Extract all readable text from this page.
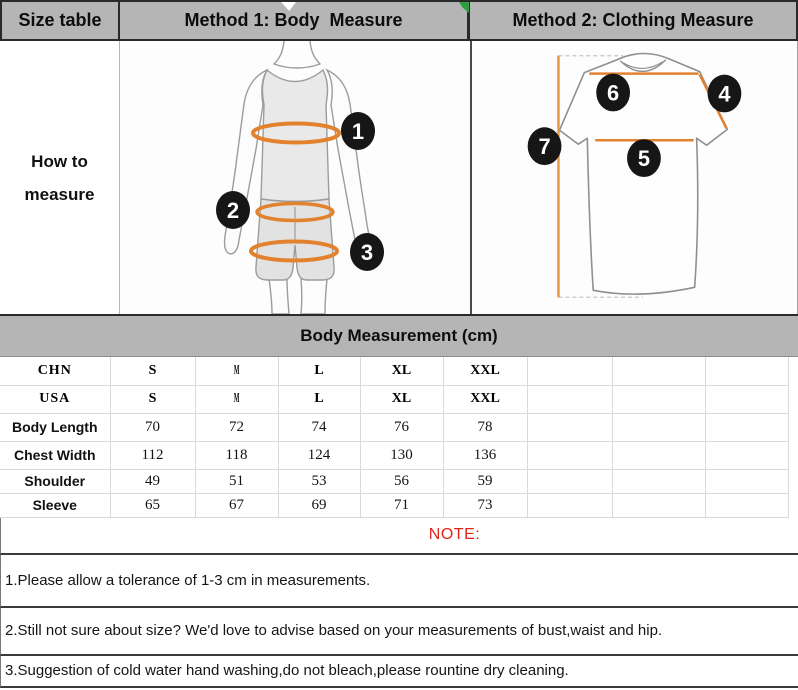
Size table	Method 1: Body  Measure	Method 2: Clothing Measure
How to measure
1
2
3
6	4
7	5
Body Measurement (cm)
CHN	S	M	L	XL	XXL			
USA	S	M	L	XL	XXL			
Body Length	70	72	74	76	78			
Chest Width	112	118	124	130	136			
Shoulder	49	51	53	56	59			
Sleeve	65	67	69	71	73			
NOTE:
1.Please allow a tolerance of 1-3 cm in measurements.
2.Still not sure about size? We'd love to advise based on your measurements of bust,waist and hip.
3.Suggestion of cold water hand washing,do not bleach,please rountine dry cleaning.
